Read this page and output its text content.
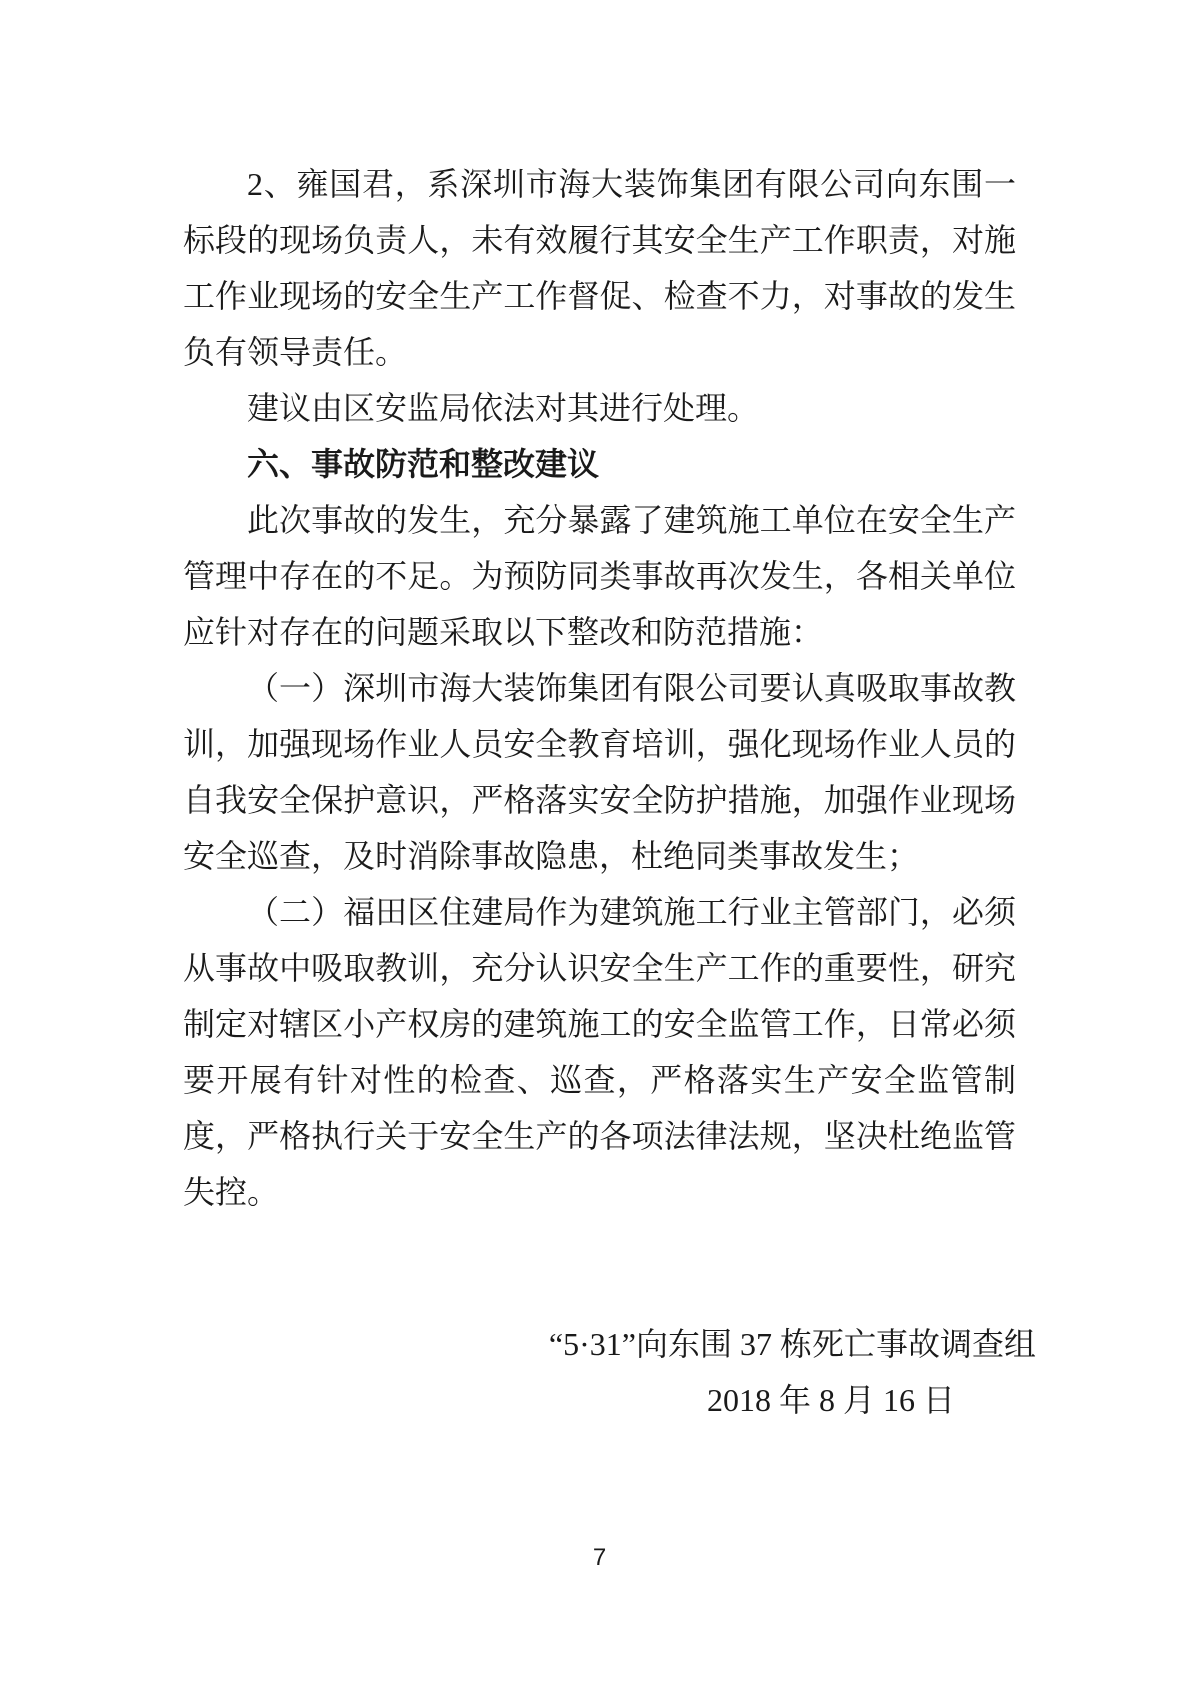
2、雍国君，系深圳市海大装饰集团有限公司向东围一标段的现场负责人，未有效履行其安全生产工作职责，对施工作业现场的安全生产工作督促、检查不力，对事故的发生负有领导责任。

建议由区安监局依法对其进行处理。

六、事故防范和整改建议

此次事故的发生，充分暴露了建筑施工单位在安全生产管理中存在的不足。为预防同类事故再次发生，各相关单位应针对存在的问题采取以下整改和防范措施：

（一）深圳市海大装饰集团有限公司要认真吸取事故教训，加强现场作业人员安全教育培训，强化现场作业人员的自我安全保护意识，严格落实安全防护措施，加强作业现场安全巡查，及时消除事故隐患，杜绝同类事故发生；

（二）福田区住建局作为建筑施工行业主管部门，必须从事故中吸取教训，充分认识安全生产工作的重要性，研究制定对辖区小产权房的建筑施工的安全监管工作，日常必须要开展有针对性的检查、巡查，严格落实生产安全监管制度，严格执行关于安全生产的各项法律法规，坚决杜绝监管失控。

“5·31”向东围 37 栋死亡事故调查组

2018 年 8 月 16 日

7
